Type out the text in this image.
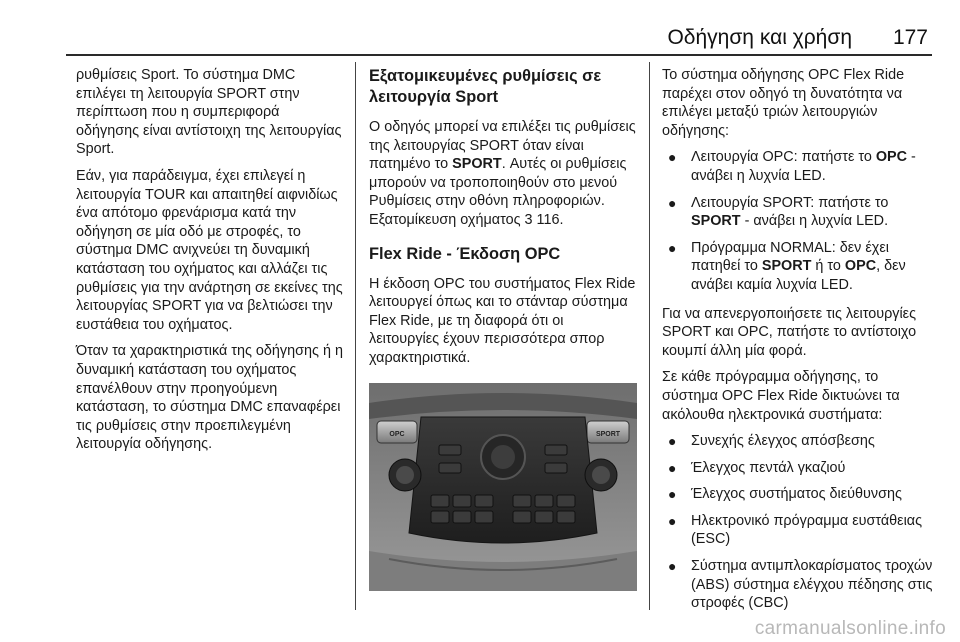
Οδήγηση και χρήση 177

ρυθμίσεις Sport. Το σύστημα DMC επιλέγει τη λειτουργία SPORT στην περίπτωση που η συμπεριφορά οδήγησης είναι αντίστοιχη της λειτουργίας Sport.

Εάν, για παράδειγμα, έχει επιλεγεί η λειτουργία TOUR και απαιτηθεί αιφνιδίως ένα απότομο φρενάρισμα κατά την οδήγηση σε μία οδό με στροφές, το σύστημα DMC ανιχνεύει τη δυναμική κατάσταση του οχήματος και αλλάζει τις ρυθμίσεις για την ανάρτηση σε εκείνες της λειτουργίας SPORT για να βελτιώσει την ευστάθεια του οχήματος.

Όταν τα χαρακτηριστικά της οδήγησης ή η δυναμική κατάσταση του οχήματος επανέλθουν στην προηγούμενη κατάσταση, το σύστημα DMC επαναφέρει τις ρυθμίσεις στην προεπιλεγμένη λειτουργία οδήγησης.

Εξατομικευμένες ρυθμίσεις σε λειτουργία Sport

Ο οδηγός μπορεί να επιλέξει τις ρυθμίσεις της λειτουργίας SPORT όταν είναι πατημένο το SPORT. Αυτές οι ρυθμίσεις μπορούν να τροποποιηθούν στο μενού Ρυθμίσεις στην οθόνη πληροφοριών. Εξατομίκευση οχήματος 3 116.

Flex Ride - Έκδοση OPC

Η έκδοση OPC του συστήματος Flex Ride λειτουργεί όπως και το στάνταρ σύστημα Flex Ride, με τη διαφορά ότι οι λειτουργίες έχουν περισσότερα σπορ χαρακτηριστικά.

OPC	SPORT

Το σύστημα οδήγησης OPC Flex Ride παρέχει στον οδηγό τη δυνατότητα να επιλέγει μεταξύ τριών λειτουργιών οδήγησης:

● Λειτουργία OPC: πατήστε το OPC - ανάβει η λυχνία LED.
● Λειτουργία SPORT: πατήστε το SPORT - ανάβει η λυχνία LED.
● Πρόγραμμα NORMAL: δεν έχει πατηθεί το SPORT ή το OPC, δεν ανάβει καμία λυχνία LED.

Για να απενεργοποιήσετε τις λειτουργίες SPORT και OPC, πατήστε το αντίστοιχο κουμπί άλλη μία φορά.

Σε κάθε πρόγραμμα οδήγησης, το σύστημα OPC Flex Ride δικτυώνει τα ακόλουθα ηλεκτρονικά συστήματα:

● Συνεχής έλεγχος απόσβεσης
● Έλεγχος πεντάλ γκαζιού
● Έλεγχος συστήματος διεύθυνσης
● Ηλεκτρονικό πρόγραμμα ευστάθειας (ESC)
● Σύστημα αντιμπλοκαρίσματος τροχών (ABS) σύστημα ελέγχου πέδησης στις στροφές (CBC)
carmanualsonline.info
